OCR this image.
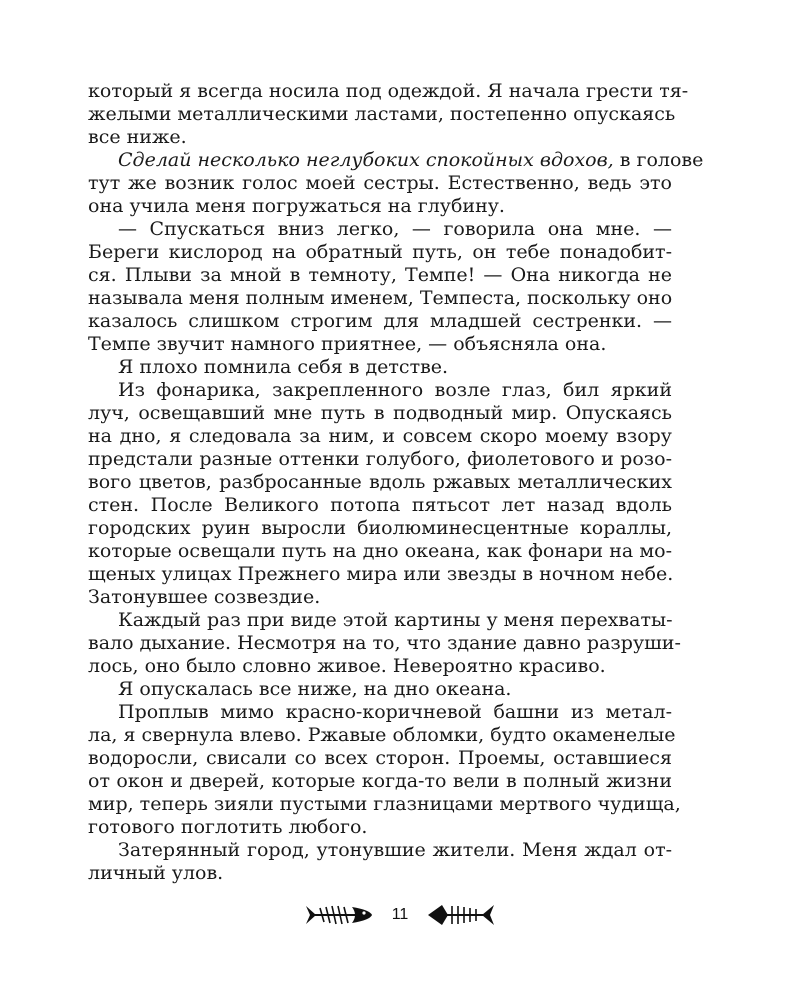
который я всегда носила под одеждой. Я начала грести тя-
желыми металлическими ластами, постепенно опускаясь
все ниже.
Сделай несколько неглубоких спокойных вдохов, в голове
тут же возник голос моей сестры. Естественно, ведь это
она учила меня погружаться на глубину.
— Спускаться вниз легко, — говорила она мне. —
Береги кислород на обратный путь, он тебе понадобит-
ся. Плыви за мной в темноту, Темпе! — Она никогда не
называла меня полным именем, Темпеста, поскольку оно
казалось слишком строгим для младшей сестренки. —
Темпе звучит намного приятнее, — объясняла она.
Я плохо помнила себя в детстве.
Из фонарика, закрепленного возле глаз, бил яркий
луч, освещавший мне путь в подводный мир. Опускаясь
на дно, я следовала за ним, и совсем скоро моему взору
предстали разные оттенки голубого, фиолетового и розо-
вого цветов, разбросанные вдоль ржавых металлических
стен. После Великого потопа пятьсот лет назад вдоль
городских руин выросли биолюминесцентные кораллы,
которые освещали путь на дно океана, как фонари на мо-
щеных улицах Прежнего мира или звезды в ночном небе.
Затонувшее созвездие.
Каждый раз при виде этой картины у меня перехваты-
вало дыхание. Несмотря на то, что здание давно разруши-
лось, оно было словно живое. Невероятно красиво.
Я опускалась все ниже, на дно океана.
Проплыв мимо красно-коричневой башни из метал-
ла, я свернула влево. Ржавые обломки, будто окаменелые
водоросли, свисали со всех сторон. Проемы, оставшиеся
от окон и дверей, которые когда-то вели в полный жизни
мир, теперь зияли пустыми глазницами мертвого чудища,
готового поглотить любого.
Затерянный город, утонувшие жители. Меня ждал от-
личный улов.
11
